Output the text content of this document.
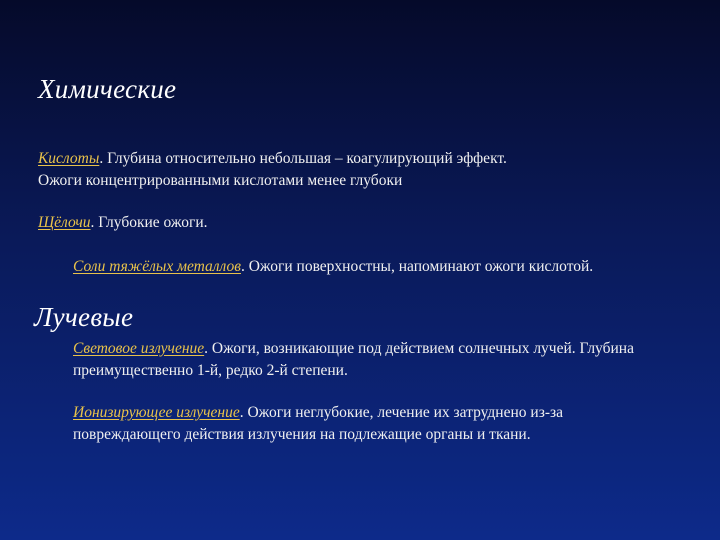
Химические
Кислоты. Глубина относительно небольшая – коагулирующий эффект.
Ожоги концентрированными кислотами менее глубоки
Щёлочи. Глубокие ожоги.
Соли тяжёлых металлов. Ожоги поверхностны, напоминают ожоги кислотой.
Лучевые
Световое излучение. Ожоги, возникающие под действием солнечных лучей. Глубина
преимущественно 1-й, редко 2-й степени.
Ионизирующее излучение. Ожоги неглубокие, лечение их затруднено из-за
повреждающего действия излучения на подлежащие органы и ткани.
